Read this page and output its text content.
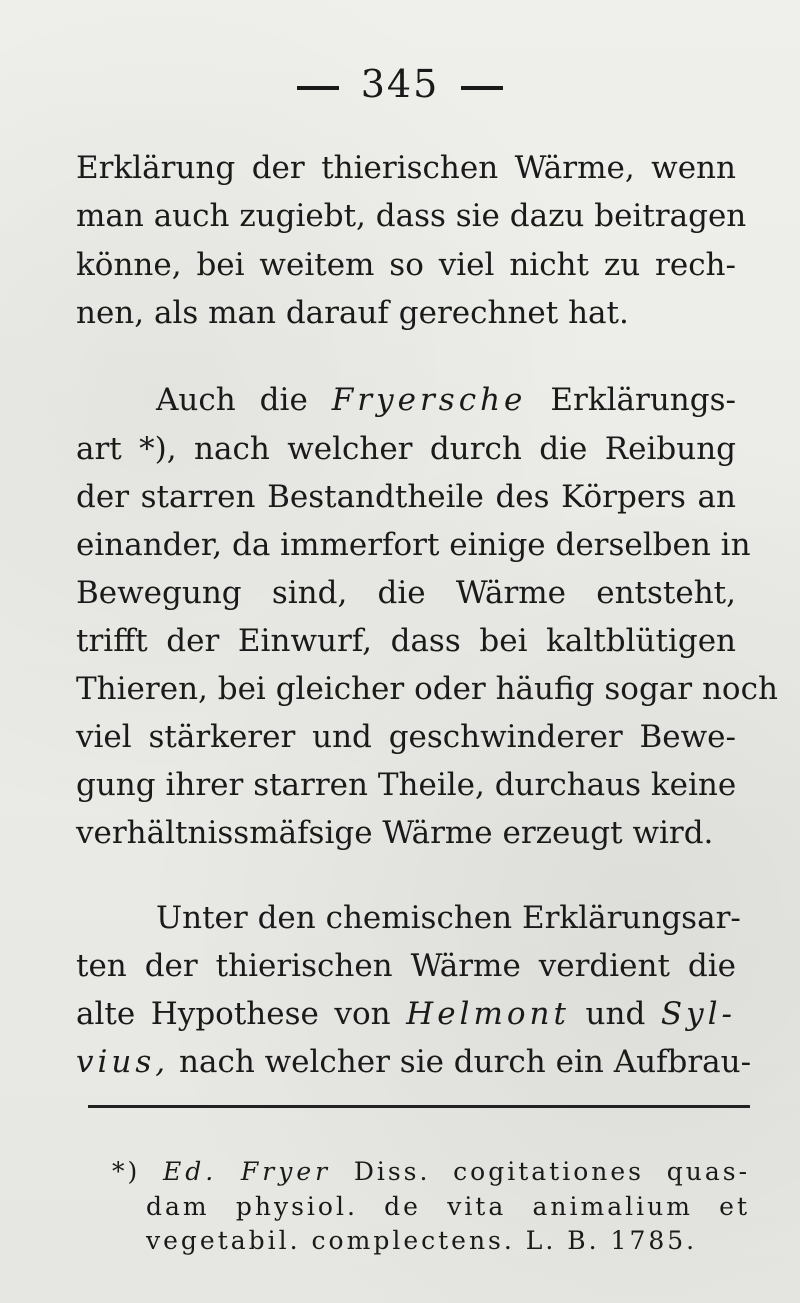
345
Erklärung der thierischen Wärme, wenn
man auch zugiebt, dass sie dazu beitragen
könne, bei weitem so viel nicht zu rech-
nen, als man darauf gerechnet hat.
Auch die Fryersche Erklärungs-
art *), nach welcher durch die Reibung
der starren Bestandtheile des Körpers an
einander, da immerfort einige derselben in
Bewegung sind, die Wärme entsteht,
trifft der Einwurf, dass bei kaltblütigen
Thieren, bei gleicher oder häufig sogar noch
viel stärkerer und geschwinderer Bewe-
gung ihrer starren Theile, durchaus keine
verhältnissmäfsige Wärme erzeugt wird.
Unter den chemischen Erklärungsar-
ten der thierischen Wärme verdient die
alte Hypothese von Helmont und Syl-
vius, nach welcher sie durch ein Aufbrau-
*) Ed. Fryer Diss. cogitationes quas-
dam physiol. de vita animalium et
vegetabil. complectens. L. B. 1785.
